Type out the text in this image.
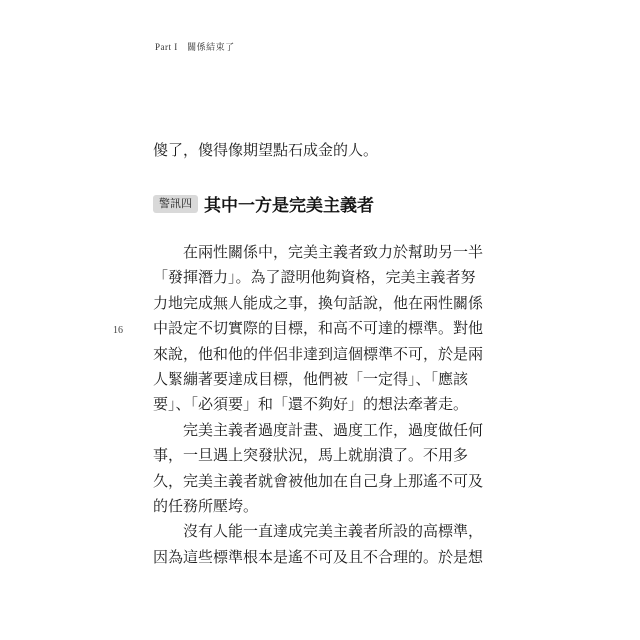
Part I 關係結束了
16
傻了，傻得像期望點石成金的人。
警訊四 其中一方是完美主義者
在兩性關係中，完美主義者致力於幫助另一半
「發揮潛力」。為了證明他夠資格，完美主義者努
力地完成無人能成之事，換句話說，他在兩性關係
中設定不切實際的目標，和高不可達的標準。對他
來說，他和他的伴侶非達到這個標準不可，於是兩
人緊繃著要達成目標，他們被「一定得」、「應該
要」、「必須要」和「還不夠好」的想法牽著走。
完美主義者過度計畫、過度工作，過度做任何
事，一旦遇上突發狀況，馬上就崩潰了。不用多
久，完美主義者就會被他加在自己身上那遙不可及
的任務所壓垮。
沒有人能一直達成完美主義者所設的高標準，
因為這些標準根本是遙不可及且不合理的。於是想
